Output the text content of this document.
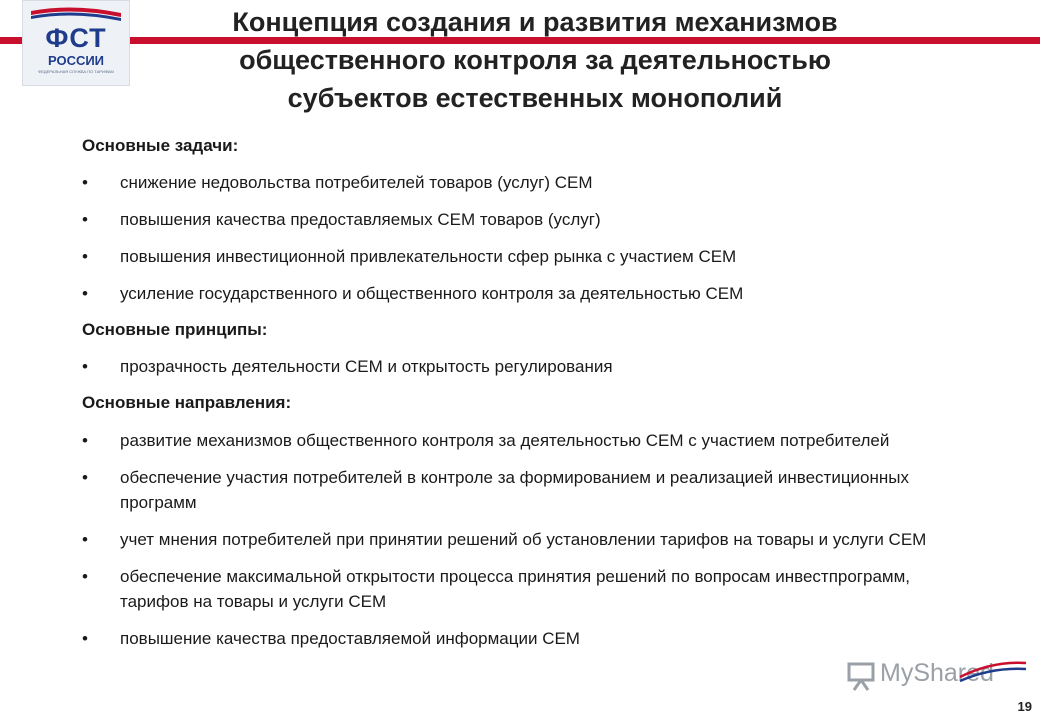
ФСТ
РОССИИ
ФЕДЕРАЛЬНАЯ СЛУЖБА ПО ТАРИФАМ
Концепция создания и развития механизмов
общественного контроля за деятельностью
субъектов естественных монополий
Основные задачи:
• снижение недовольства потребителей товаров (услуг) СЕМ
• повышения качества предоставляемых СЕМ товаров (услуг)
• повышения инвестиционной привлекательности сфер рынка с участием СЕМ
• усиление государственного и общественного контроля за деятельностью СЕМ
Основные принципы:
• прозрачность деятельности СЕМ и открытость регулирования
Основные направления:
• развитие механизмов общественного контроля за деятельностью СЕМ с участием потребителей
• обеспечение участия потребителей в контроле за формированием и реализацией инвестиционных программ
• учет мнения потребителей при принятии решений об установлении тарифов на товары и услуги СЕМ
• обеспечение максимальной открытости процесса принятия решений по вопросам инвестпрограмм, тарифов на товары и услуги СЕМ
• повышение качества предоставляемой информации СЕМ
MyShared
19
